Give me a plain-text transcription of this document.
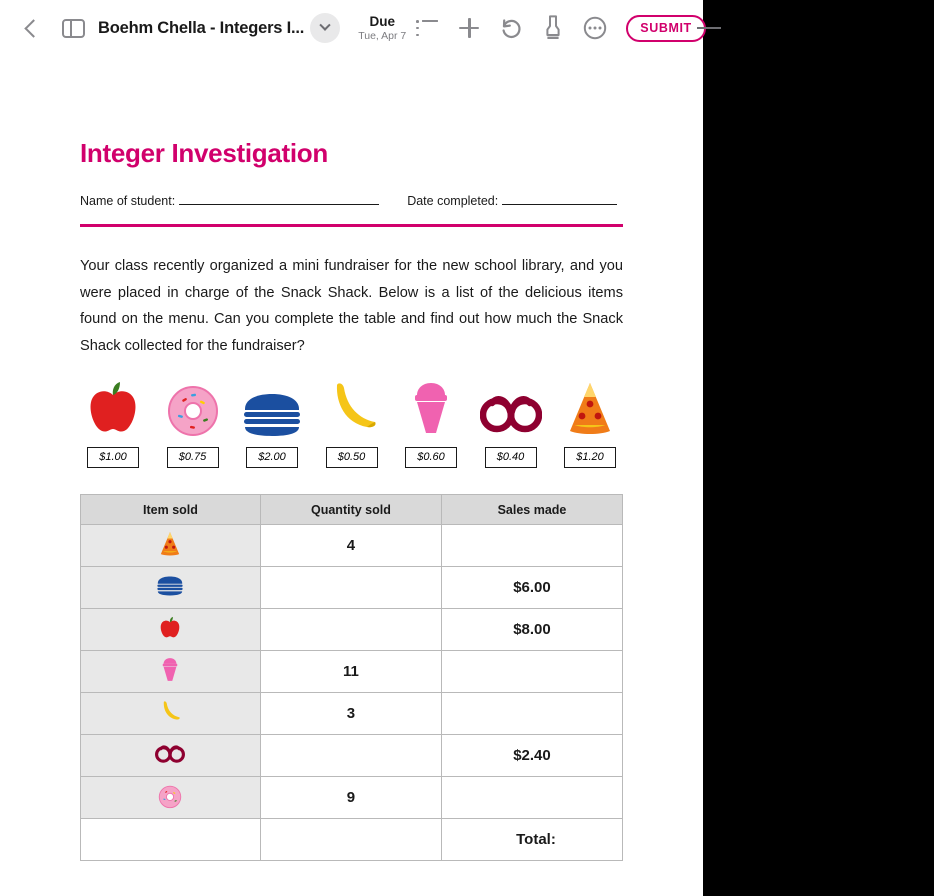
Boehm Chella - Integers I...	Due
Tue, Apr 7
SUBMIT
Integer Investigation
Name of student:	Date completed:

Your class recently organized a mini fundraiser for the new school library, and you were placed in charge of the Snack Shack. Below is a list of the delicious items found on the menu. Can you complete the table and find out how much the Snack Shack collected for the fundraiser?

$1.00	$0.75	$2.00	$0.50	$0.60	$0.40	$1.20
Item sold	Quantity sold	Sales made
	4	
		$6.00
		$8.00
	11	
	3	
		$2.40
	9	
		Total:
